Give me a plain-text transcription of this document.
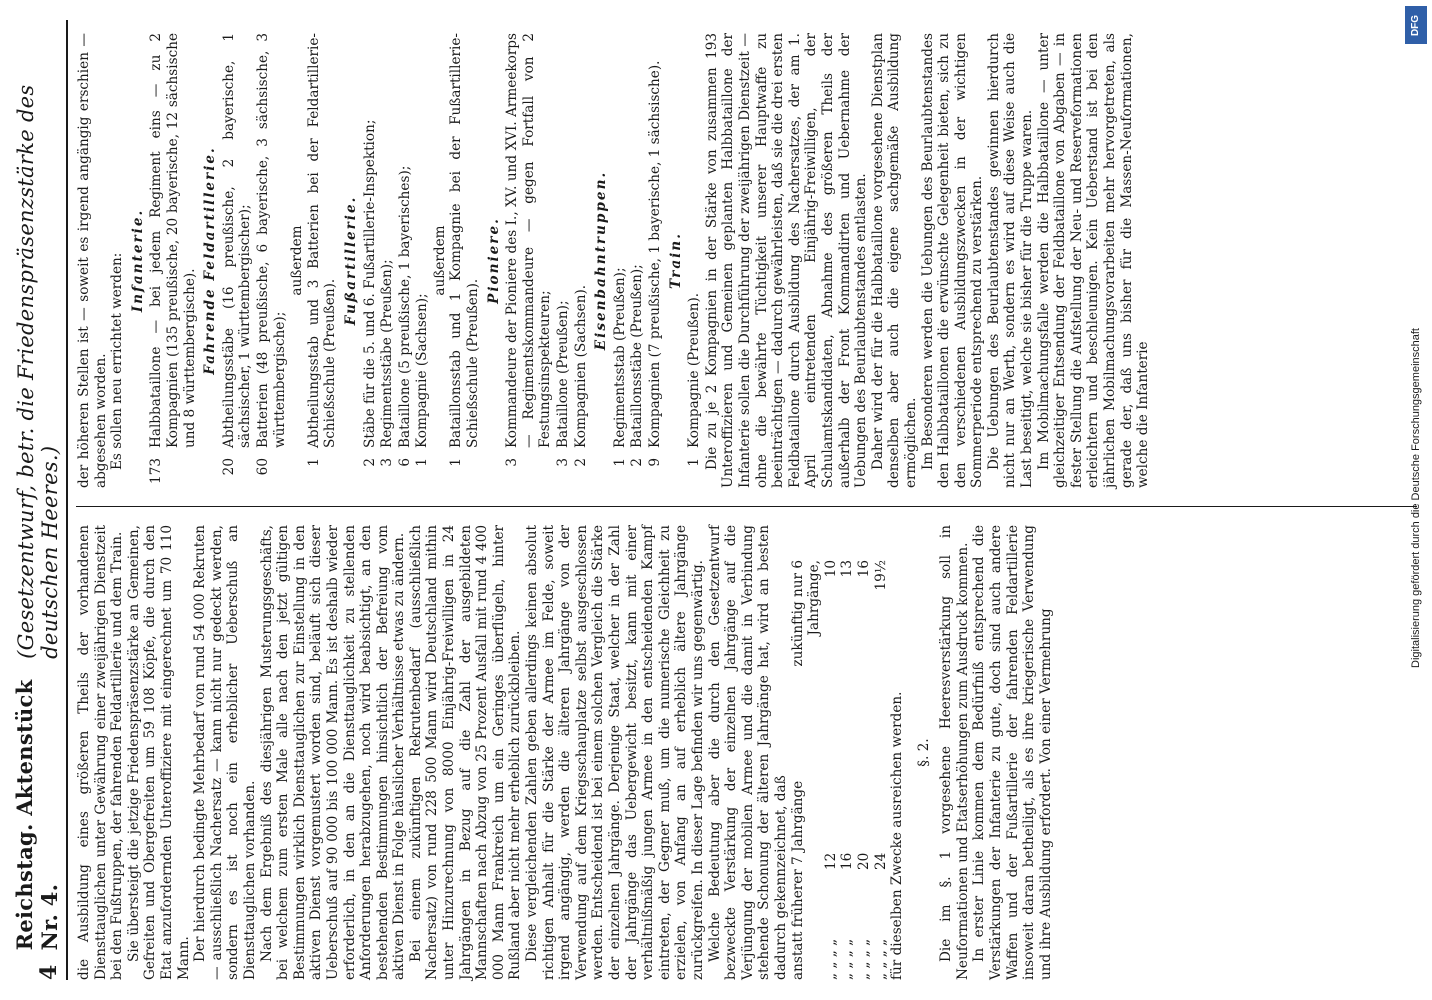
4
Reichstag. Aktenstück Nr. 4.
(Gesetzentwurf, betr. die Friedenspräsenzstärke des deutschen Heeres.) die Ausbildung eines größeren Theils der vorhandenen Diensttauglichen unter Gewährung einer zweijährigen Dienstzeit bei den Fußtruppen, der fahrenden Feldartillerie und dem Train. Sie übersteigt die jetzige Friedenspräsenzstärke an Gemeinen, Gefreiten und Obergefreiten um 59 108 Köpfe, die durch den Etat anzufordernden Unteroffiziere mit eingerechnet um 70 110 Mann. Der hierdurch bedingte Mehrbedarf von rund 54 000 Rekruten — ausschließlich Nachersatz — kann nicht nur gedeckt werden, sondern es ist noch ein erheblicher Ueberschuß an Diensttauglichen vorhanden. Nach dem Ergebniß des diesjährigen Musterungsgeschäfts, bei welchem zum ersten Male alle nach den jetzt gültigen Bestimmungen wirklich Diensttauglichen zur Einstellung in den aktiven Dienst vorgemustert worden sind, beläuft sich dieser Ueberschuß auf 90 000 bis 100 000 Mann. Es ist deshalb wieder erforderlich, in den an die Diensttauglichkeit zu stellenden Anforderungen herabzugehen, noch wird beabsichtigt, an den bestehenden Bestimmungen hinsichtlich der Befreiung vom aktiven Dienst in Folge häuslicher Verhältnisse etwas zu ändern. Bei einem zukünftigen Rekrutenbedarf (ausschließlich Nachersatz) von rund 228 500 Mann wird Deutschland mithin unter Hinzurechnung von 8000 Einjährig-Freiwilligen in 24 Jahrgängen in Bezug auf die Zahl der ausgebildeten Mannschaften nach Abzug von 25 Prozent Ausfall mit rund 4 400 000 Mann Frankreich um ein Geringes überflügeln, hinter Rußland aber nicht mehr erheblich zurückbleiben. Diese vergleichenden Zahlen geben allerdings keinen absolut richtigen Anhalt für die Stärke der Armee im Felde, soweit irgend angängig, werden die älteren Jahrgänge von der Verwendung auf dem Kriegsschauplatze selbst ausgeschlossen werden. Entscheidend ist bei einem solchen Vergleich die Stärke der einzelnen Jahrgänge. Derjenige Staat, welcher in der Zahl der Jahrgänge das Uebergewicht besitzt, kann mit einer verhältnißmäßig jungen Armee in den entscheidenden Kampf eintreten, der Gegner muß, um die numerische Gleichheit zu erzielen, von Anfang an auf erheblich ältere Jahrgänge zurückgreifen. In dieser Lage befinden wir uns gegenwärtig. Welche Bedeutung aber die durch den Gesetzentwurf bezweckte Verstärkung der einzelnen Jahrgänge auf die Verjüngung der mobilen Armee und die damit in Verbindung stehende Schonung der älteren Jahrgänge hat, wird an besten dadurch gekennzeichnet, daß anstatt früherer 7 Jahrgänge
zukünftig nur 6 Jahrgänge,
„ „ „ „
12
10
„ „ „ „
16
13
„ „ „ „
20
16
„ „ „ „
24
19½

für dieselben Zwecke ausreichen werden. §. 2. Die im §. 1 vorgesehene Heeresverstärkung soll in Neuformationen und Etatserhöhungen zum Ausdruck kommen. In erster Linie kommen dem Bedürfniß entsprechend die Verstärkungen der Infanterie zu gute, doch sind auch andere Waffen und der Fußartillerie der fahrenden Feldartillerie insoweit daran betheiligt, als es ihre kriegerische Verwendung und ihre Ausbildung erfordert. Von einer Vermehrung

der höheren Stellen ist — soweit es irgend angängig erschien — abgesehen worden. Es sollen neu errichtet werden: Infanterie.
173
Halbbataillone — bei jedem Regiment eins — zu 2 Kompagnien (135 preußische, 20 bayerische, 12 sächsische und 8 württembergische). Fahrende Feldartillerie.
20
Abtheilungsstäbe (16 preußische, 2 bayerische, 1 sächsischer, 1 württembergischer);
60
Batterien (48 preußische, 6 bayerische, 3 sächsische, 3 württembergische);
außerdem
1
Abtheilungsstab und 3 Batterien bei der Feldartillerie-Schießschule (Preußen).
Fußartillerie.
2
Stäbe für die 5. und 6. Fußartillerie-Inspektion;
3
Regimentsstäbe (Preußen);
6
Bataillone (5 preußische, 1 bayerisches);
1
Kompagnie (Sachsen);
außerdem
1
Bataillonsstab und 1 Kompagnie bei der Fußartillerie-Schießschule (Preußen).
Pioniere.
3
Kommandeure der Pioniere des I., XV. und XVI. Armeekorps — Regimentskommandeure — gegen Fortfall von 2 Festungsinspekteuren;
3
Bataillone (Preußen);
2
Kompagnien (Sachsen).
Eisenbahntruppen.
1
Regimentsstab (Preußen);
2
Bataillonsstäbe (Preußen);
9
Kompagnien (7 preußische, 1 bayerische, 1 sächsische). Train.
1
Kompagnie (Preußen). Die zu je 2 Kompagnien in der Stärke von zusammen 193 Unteroffizieren und Gemeinen geplanten Halbbataillone der Infanterie sollen die Durchführung der zweijährigen Dienstzeit — ohne die bewährte Tüchtigkeit unserer Hauptwaffe zu beeinträchtigen — dadurch gewährleisten, daß sie die drei ersten Feldbataillone durch Ausbildung des Nachersatzes, der am 1. April eintretenden Einjährig-Freiwilligen, der Schulamtskandidaten, Abnahme des größeren Theils der außerhalb der Front Kommandirten und Uebernahme der Uebungen des Beurlaubtenstandes entlasten. Daher wird der für die Halbbataillone vorgesehene Dienstplan denselben aber auch die eigene sachgemäße Ausbildung ermöglichen. Im Besonderen werden die Uebungen des Beurlaubtenstandes den Halbbataillonen die erwünschte Gelegenheit bieten, sich zu den verschiedenen Ausbildungszwecken in der wichtigen Sommerperiode entsprechend zu verstärken. Die Uebungen des Beurlaubtenstandes gewinnen hierdurch nicht nur an Werth, sondern es wird auf diese Weise auch die Last beseitigt, welche sie bisher für die Truppe waren. Im Mobilmachungsfalle werden die Halbbataillone — unter gleichzeitiger Entsendung der Feldbataillone von Abgaben — in fester Stellung die Aufstellung der Neu- und Reserveformationen erleichtern und beschleunigen. Kein Ueberstand ist bei den jährlichen Mobilmachungsvorarbeiten mehr hervorgetreten, als gerade der, daß uns bisher für die Massen-Neuformationen, welche die Infanterie

DFG
Digitalisierung gefördert durch die Deutsche Forschungsgemeinschaft
